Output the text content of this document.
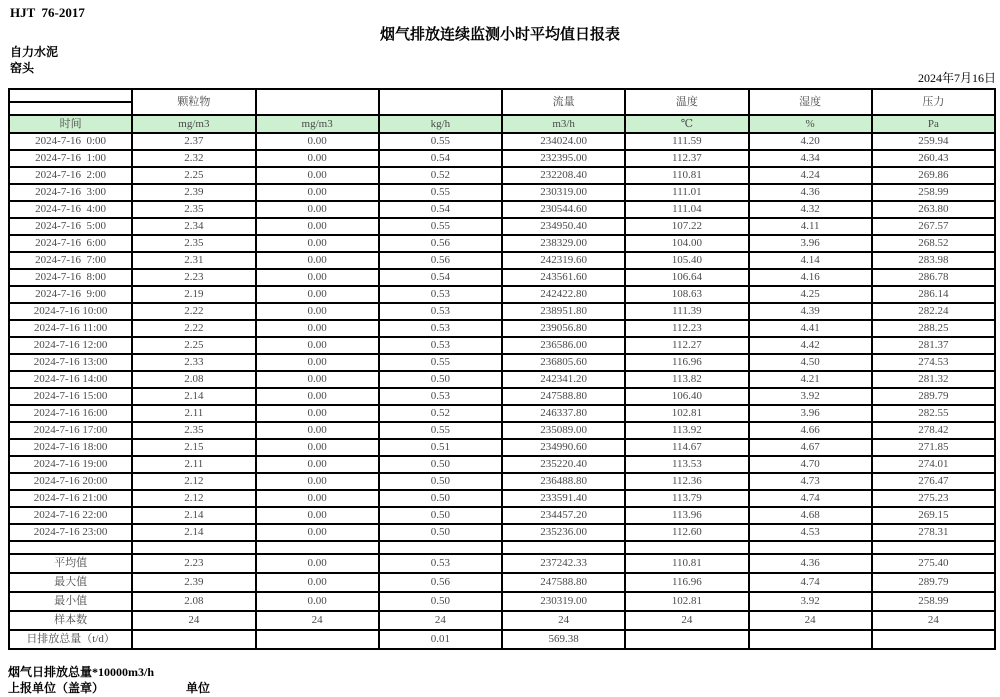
HJT  76-2017
烟气排放连续监测小时平均值日报表
自力水泥
窑头
2024年7月16日
	颗粒物			流量	温度	湿度	压力

时间	mg/m3	mg/m3	kg/h	m3/h	℃	%	Pa
2024-7-16  0:00	2.37	0.00	0.55	234024.00	111.59	4.20	259.94
2024-7-16  1:00	2.32	0.00	0.54	232395.00	112.37	4.34	260.43
2024-7-16  2:00	2.25	0.00	0.52	232208.40	110.81	4.24	269.86
2024-7-16  3:00	2.39	0.00	0.55	230319.00	111.01	4.36	258.99
2024-7-16  4:00	2.35	0.00	0.54	230544.60	111.04	4.32	263.80
2024-7-16  5:00	2.34	0.00	0.55	234950.40	107.22	4.11	267.57
2024-7-16  6:00	2.35	0.00	0.56	238329.00	104.00	3.96	268.52
2024-7-16  7:00	2.31	0.00	0.56	242319.60	105.40	4.14	283.98
2024-7-16  8:00	2.23	0.00	0.54	243561.60	106.64	4.16	286.78
2024-7-16  9:00	2.19	0.00	0.53	242422.80	108.63	4.25	286.14
2024-7-16 10:00	2.22	0.00	0.53	238951.80	111.39	4.39	282.24
2024-7-16 11:00	2.22	0.00	0.53	239056.80	112.23	4.41	288.25
2024-7-16 12:00	2.25	0.00	0.53	236586.00	112.27	4.42	281.37
2024-7-16 13:00	2.33	0.00	0.55	236805.60	116.96	4.50	274.53
2024-7-16 14:00	2.08	0.00	0.50	242341.20	113.82	4.21	281.32
2024-7-16 15:00	2.14	0.00	0.53	247588.80	106.40	3.92	289.79
2024-7-16 16:00	2.11	0.00	0.52	246337.80	102.81	3.96	282.55
2024-7-16 17:00	2.35	0.00	0.55	235089.00	113.92	4.66	278.42
2024-7-16 18:00	2.15	0.00	0.51	234990.60	114.67	4.67	271.85
2024-7-16 19:00	2.11	0.00	0.50	235220.40	113.53	4.70	274.01
2024-7-16 20:00	2.12	0.00	0.50	236488.80	112.36	4.73	276.47
2024-7-16 21:00	2.12	0.00	0.50	233591.40	113.79	4.74	275.23
2024-7-16 22:00	2.14	0.00	0.50	234457.20	113.96	4.68	269.15
2024-7-16 23:00	2.14	0.00	0.50	235236.00	112.60	4.53	278.31

平均值	2.23	0.00	0.53	237242.33	110.81	4.36	275.40
最大值	2.39	0.00	0.56	247588.80	116.96	4.74	289.79
最小值	2.08	0.00	0.50	230319.00	102.81	3.92	258.99
样本数	24	24	24	24	24	24	24
日排放总量（t/d）			0.01	569.38			
烟气日排放总量*10000m3/h
上报单位（盖章）	单位
